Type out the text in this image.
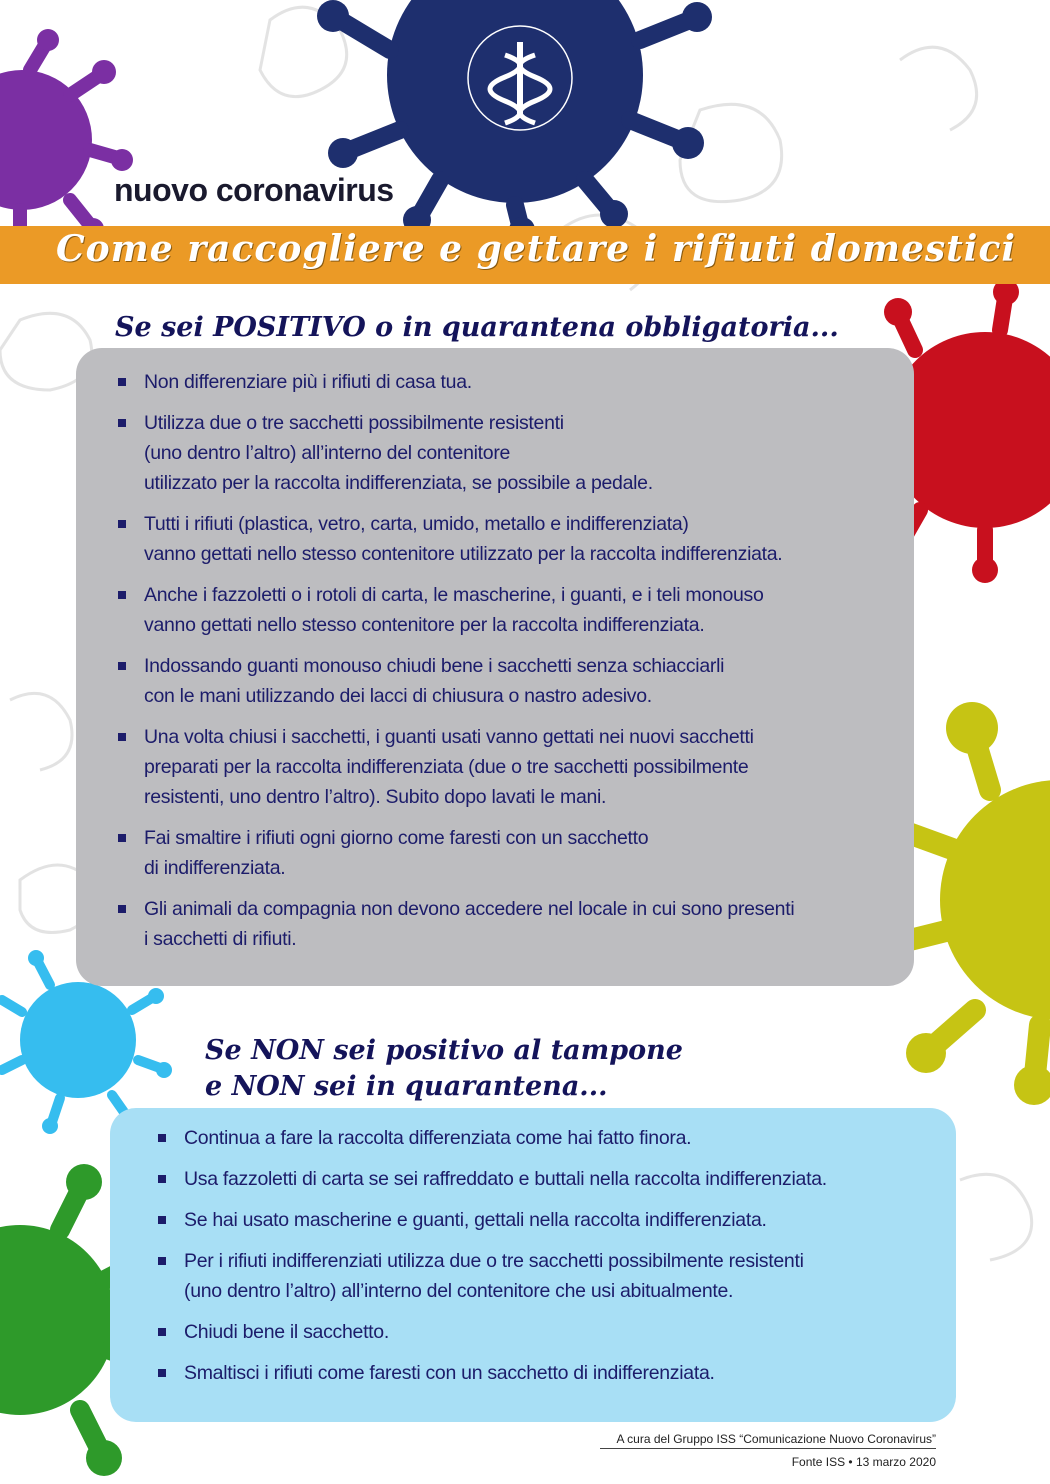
nuovo coronavirus
Come raccogliere e gettare i rifiuti domestici
Se sei POSITIVO o in quarantena obbligatoria...
Non differenziare più i rifiuti di casa tua.
Utilizza due o tre sacchetti possibilmente resistenti
(uno dentro l’altro) all’interno del contenitore
utilizzato per la raccolta indifferenziata, se possibile a pedale.
Tutti i rifiuti (plastica, vetro, carta, umido, metallo e indifferenziata)
vanno gettati nello stesso contenitore utilizzato per la raccolta indifferenziata.
Anche i fazzoletti o i rotoli di carta, le mascherine, i guanti, e i teli monouso
vanno gettati nello stesso contenitore per la raccolta indifferenziata.
Indossando guanti monouso chiudi bene i sacchetti senza schiacciarli
con le mani utilizzando dei lacci di chiusura o nastro adesivo.
Una volta chiusi i sacchetti, i guanti usati vanno gettati nei nuovi sacchetti
preparati per la raccolta indifferenziata (due o tre sacchetti possibilmente
resistenti, uno dentro l’altro). Subito dopo lavati le mani.
Fai smaltire i rifiuti ogni giorno come faresti con un sacchetto
di indifferenziata.
Gli animali da compagnia non devono accedere nel locale in cui sono presenti
i sacchetti di rifiuti.
Se NON sei positivo al tampone
e NON sei in quarantena...
Continua a fare la raccolta differenziata come hai fatto finora.
Usa fazzoletti di carta se sei raffreddato e buttali nella raccolta indifferenziata.
Se hai usato mascherine e guanti, gettali nella raccolta indifferenziata.
Per i rifiuti indifferenziati utilizza due o tre sacchetti possibilmente resistenti
(uno dentro l’altro) all’interno del contenitore che usi abitualmente.
Chiudi bene il sacchetto.
Smaltisci i rifiuti come faresti con un sacchetto di indifferenziata.
A cura del Gruppo ISS “Comunicazione Nuovo Coronavirus”
Fonte ISS • 13 marzo 2020
